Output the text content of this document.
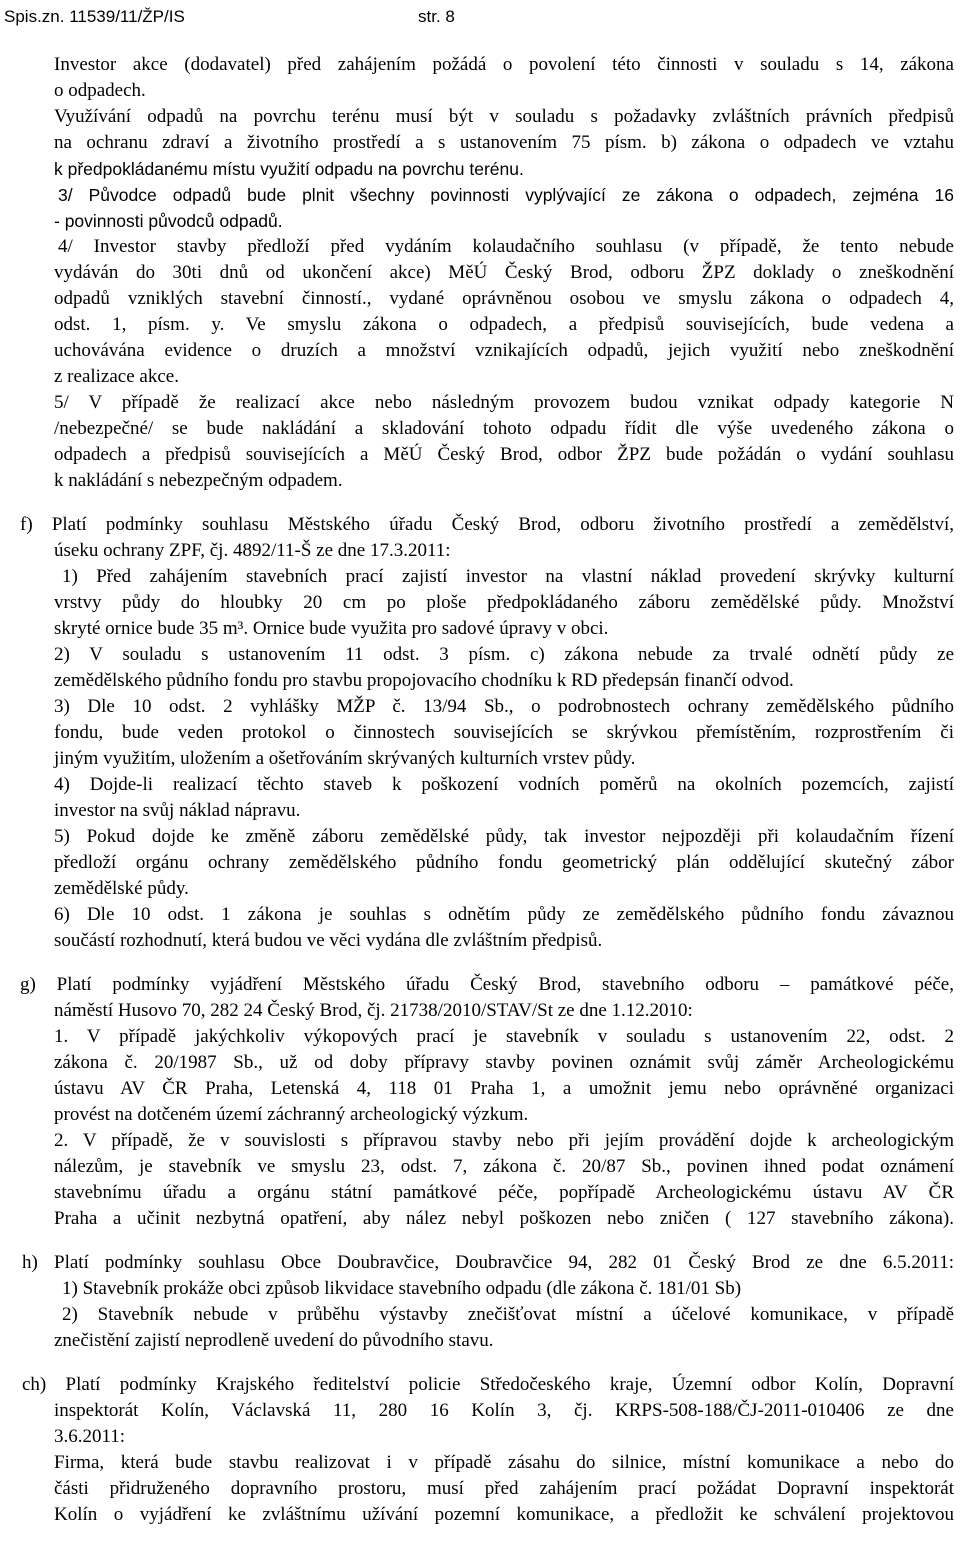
Spis.zn. 11539/11/ŽP/IS	str. 8
Investor akce (dodavatel) před zahájením požádá o povolení této činnosti v souladu s 14, zákona
o odpadech.
Využívání odpadů na povrchu terénu musí být v souladu s požadavky zvláštních právních předpisů
na ochranu zdraví a životního prostředí a s ustanovením 75 písm. b) zákona o odpadech ve vztahu
k předpokládanému místu využití odpadu na povrchu terénu.
3/ Původce odpadů bude plnit všechny povinnosti vyplývající ze zákona o odpadech, zejména 16
- povinnosti původců odpadů.
4/ Investor stavby předloží před vydáním kolaudačního souhlasu (v případě, že tento nebude
vydáván do 30ti dnů od ukončení akce) MěÚ Český Brod, odboru ŽPZ doklady o zneškodnění
odpadů vzniklých stavební činností., vydané oprávněnou osobou ve smyslu zákona o odpadech 4,
odst. 1, písm. y. Ve smyslu zákona o odpadech, a předpisů souvisejících, bude vedena a
uchovávána evidence o druzích a množství vznikajících odpadů, jejich využití nebo zneškodnění
z realizace akce.
5/ V případě že realizací akce nebo následným provozem budou vznikat odpady kategorie N
/nebezpečné/ se bude nakládání a skladování tohoto odpadu řídit dle výše uvedeného zákona o
odpadech a předpisů souvisejících a MěÚ Český Brod, odbor ŽPZ bude požádán o vydání souhlasu
k nakládání s nebezpečným odpadem.
f) Platí podmínky souhlasu Městského úřadu Český Brod, odboru životního prostředí a zemědělství,
úseku ochrany ZPF, čj. 4892/11-Š ze dne 17.3.2011:
1) Před zahájením stavebních prací zajistí investor na vlastní náklad provedení skrývky kulturní
vrstvy půdy do hloubky 20 cm po ploše předpokládaného záboru zemědělské půdy. Množství
skryté ornice bude 35 m³. Ornice bude využita pro sadové úpravy v obci.
2) V souladu s ustanovením 11 odst. 3 písm. c) zákona nebude za trvalé odnětí půdy ze
zemědělského půdního fondu pro stavbu propojovacího chodníku k RD předepsán finančí odvod.
3) Dle 10 odst. 2 vyhlášky MŽP č. 13/94 Sb., o podrobnostech ochrany zemědělského půdního
fondu, bude veden protokol o činnostech souvisejících se skrývkou přemístěním, rozprostřením či
jiným využitím, uložením a ošetřováním skrývaných kulturních vrstev půdy.
4) Dojde-li realizací těchto staveb k poškození vodních poměrů na okolních pozemcích, zajistí
investor na svůj náklad nápravu.
5) Pokud dojde ke změně záboru zemědělské půdy, tak investor nejpozději při kolaudačním řízení
předloží orgánu ochrany zemědělského půdního fondu geometrický plán oddělující skutečný zábor
zemědělské půdy.
6) Dle 10 odst. 1 zákona je souhlas s odnětím půdy ze zemědělského půdního fondu závaznou
součástí rozhodnutí, která budou ve věci vydána dle zvláštním předpisů.
g) Platí podmínky vyjádření Městského úřadu Český Brod, stavebního odboru – památkové péče,
náměstí Husovo 70, 282 24 Český Brod, čj. 21738/2010/STAV/St ze dne 1.12.2010:
1. V případě jakýchkoliv výkopových prací je stavebník v souladu s ustanovením 22, odst. 2
zákona č. 20/1987 Sb., už od doby přípravy stavby povinen oznámit svůj záměr Archeologickému
ústavu AV ČR Praha, Letenská 4, 118 01 Praha 1, a umožnit jemu nebo oprávněné organizaci
provést na dotčeném území záchranný archeologický výzkum.
2. V případě, že v souvislosti s přípravou stavby nebo při jejím provádění dojde k archeologickým
nálezům, je stavebník ve smyslu 23, odst. 7, zákona č. 20/87 Sb., povinen ihned podat oznámení
stavebnímu úřadu a orgánu státní památkové péče, popřípadě Archeologickému ústavu AV ČR
Praha a učinit nezbytná opatření, aby nález nebyl poškozen nebo zničen ( 127 stavebního zákona).
h) Platí podmínky souhlasu Obce Doubravčice, Doubravčice 94, 282 01 Český Brod ze dne 6.5.2011:
1) Stavebník prokáže obci způsob likvidace stavebního odpadu (dle zákona č. 181/01 Sb)
2) Stavebník nebude v průběhu výstavby znečišťovat místní a účelové komunikace, v případě
znečistění zajistí neprodleně uvedení do původního stavu.
ch) Platí podmínky Krajského ředitelství policie Středočeského kraje, Územní odbor Kolín, Dopravní
inspektorát Kolín, Václavská 11, 280 16 Kolín 3, čj. KRPS-508-188/ČJ-2011-010406 ze dne
3.6.2011:
Firma, která bude stavbu realizovat i v případě zásahu do silnice, místní komunikace a nebo do
části přidruženého dopravního prostoru, musí před zahájením prací požádat Dopravní inspektorát
Kolín o vyjádření ke zvláštnímu užívání pozemní komunikace, a předložit ke schválení projektovou
